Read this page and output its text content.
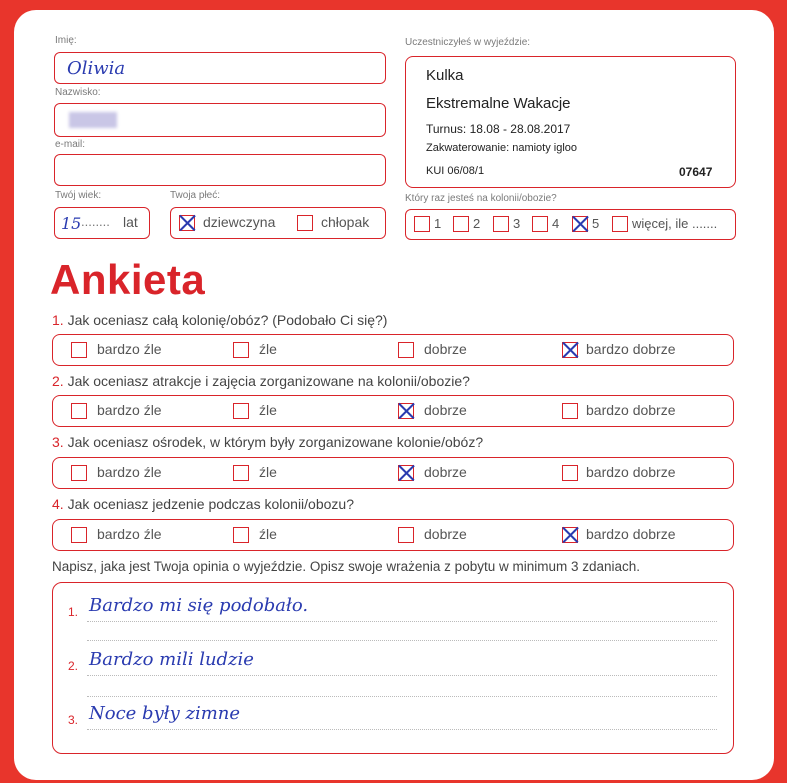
Imię:
Oliwia
Nazwisko:
e-mail:
Twój wiek:
15 ........ lat
Twoja płeć:
dziewczyna	chłopak
Uczestniczyłeś w wyjeździe:
Kulka
Ekstremalne Wakacje
Turnus: 18.08 - 28.08.2017
Zakwaterowanie: namioty igloo
KUI 06/08/1	07647
Który raz jesteś na kolonii/obozie?
1 2	3 4	5	więcej, ile .......
Ankieta
1. Jak oceniasz całą kolonię/obóz? (Podobało Ci się?)
bardzo źle	źle	dobrze	bardzo dobrze
2. Jak oceniasz atrakcje i zajęcia zorganizowane na kolonii/obozie?
bardzo źle	źle	dobrze	bardzo dobrze
3. Jak oceniasz ośrodek, w którym były zorganizowane kolonie/obóz?
bardzo źle	źle	dobrze	bardzo dobrze
4. Jak oceniasz jedzenie podczas kolonii/obozu?
bardzo źle	źle	dobrze	bardzo dobrze
Napisz, jaka jest Twoja opinia o wyjeździe. Opisz swoje wrażenia z pobytu w minimum 3 zdaniach.
1. Bardzo mi się podobało.
2. Bardzo mili ludzie
3. Noce były zimne
